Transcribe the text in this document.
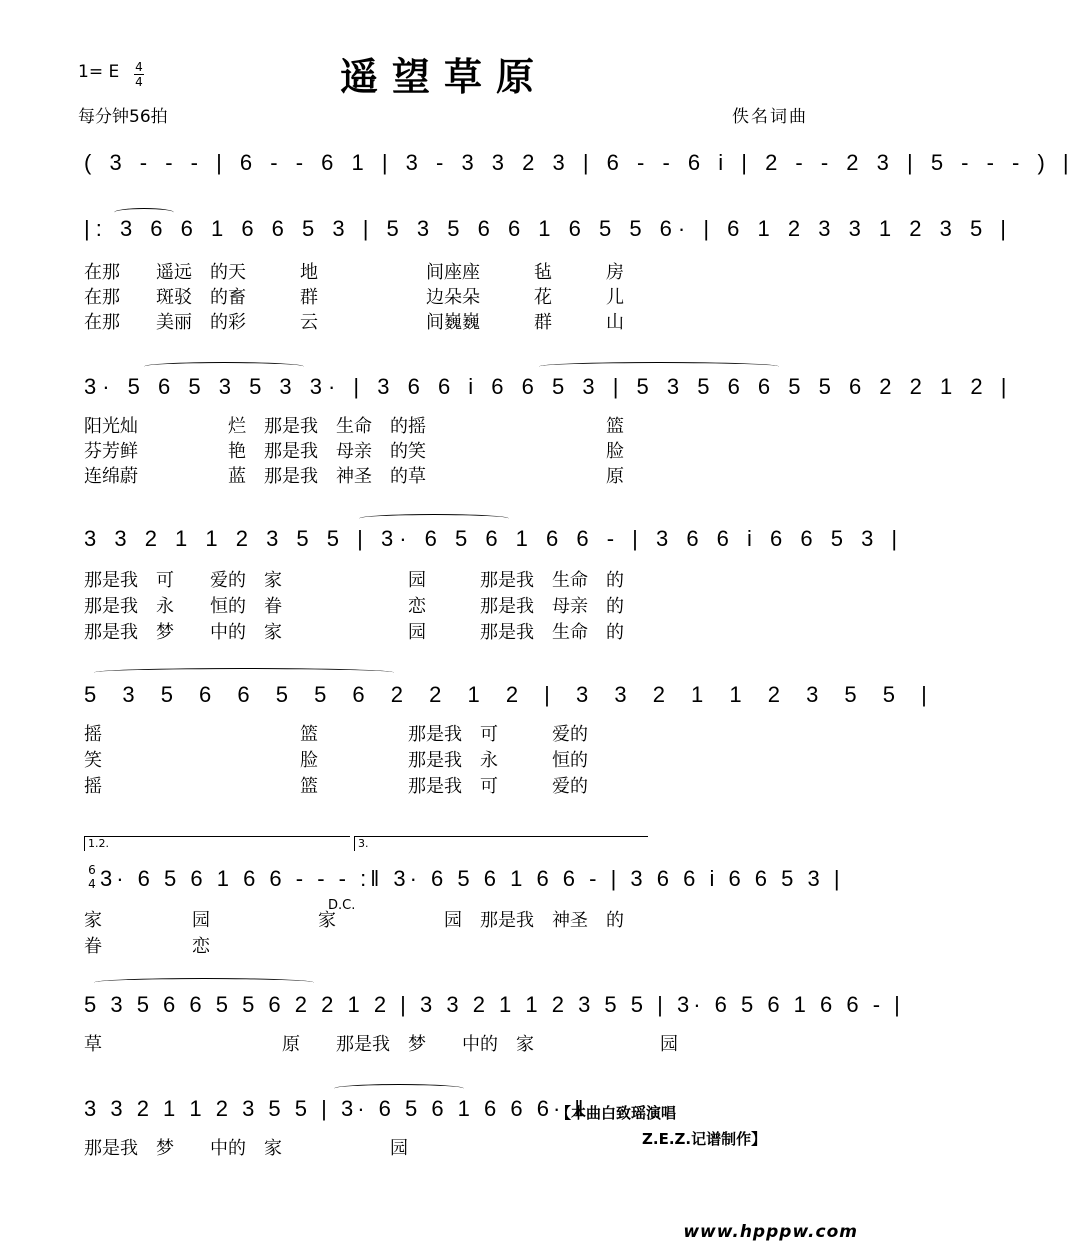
遥望草原
1= E 4
4
每分钟56拍	佚名词曲
( 3 - - - | 6 - - 6 1 | 3 - 3 3 2 3 | 6 - - 6 i | 2 - - 2 3 | 5 - - - ) |
|: 3 6 6 1 6 6 5 3 | 5 3 5 6 6 1 6 5 5 6· | 6 1 2 3 3 1 2 3 5 |
在那　　遥远　的天　　　地　　　　　　间座座　　　毡　　　房
在那　　斑驳　的畜　　　群　　　　　　边朵朵　　　花　　　儿
在那　　美丽　的彩　　　云　　　　　　间巍巍　　　群　　　山
3· 5 6 5 3 5 3 3· | 3 6 6 i 6 6 5 3 | 5 3 5 6 6 5 5 6 2 2 1 2 |
阳光灿　　　　　烂　那是我　生命　的摇　　　　　　　　　　篮
芬芳鲜　　　　　艳　那是我　母亲　的笑　　　　　　　　　　脸
连绵蔚　　　　　蓝　那是我　神圣　的草　　　　　　　　　　原
3 3 2 1 1 2 3 5 5 | 3· 6 5 6 1 6 6 - | 3 6 6 i 6 6 5 3 |
那是我　可　　爱的　家　　　　　　　园　　　那是我　生命　的
那是我　永　　恒的　眷　　　　　　　恋　　　那是我　母亲　的
那是我　梦　　中的　家　　　　　　　园　　　那是我　生命　的
5 3 5 6 6 5 5 6 2 2 1 2 | 3 3 2 1 1 2 3 5 5 |
摇　　　　　　　　　　　篮　　　　　那是我　可　　　爱的
笑　　　　　　　　　　　脸　　　　　那是我　永　　　恒的
摇　　　　　　　　　　　篮　　　　　那是我　可　　　爱的
1.2.	3.
6
4 3· 6 5 6 1 6 6 - - - :‖ 3· 6 5 6 1 6 6 - | 3 6 6 i 6 6 5 3 |
D.C.
家　　　　　园　　　　　　家　　　　　　园　那是我　神圣　的
眷　　　　　恋
5 3 5 6 6 5 5 6 2 2 1 2 | 3 3 2 1 1 2 3 5 5 | 3· 6 5 6 1 6 6 - |
草　　　　　　　　　　原　　那是我　梦　　中的　家　　　　　　　园
3 3 2 1 1 2 3 5 5 | 3· 6 5 6 1 6 6 6· ‖
那是我　梦　　中的　家　　　　　　园
【本曲白致瑶演唱
Z.E.Z.记谱制作】
www.hpppw.com
